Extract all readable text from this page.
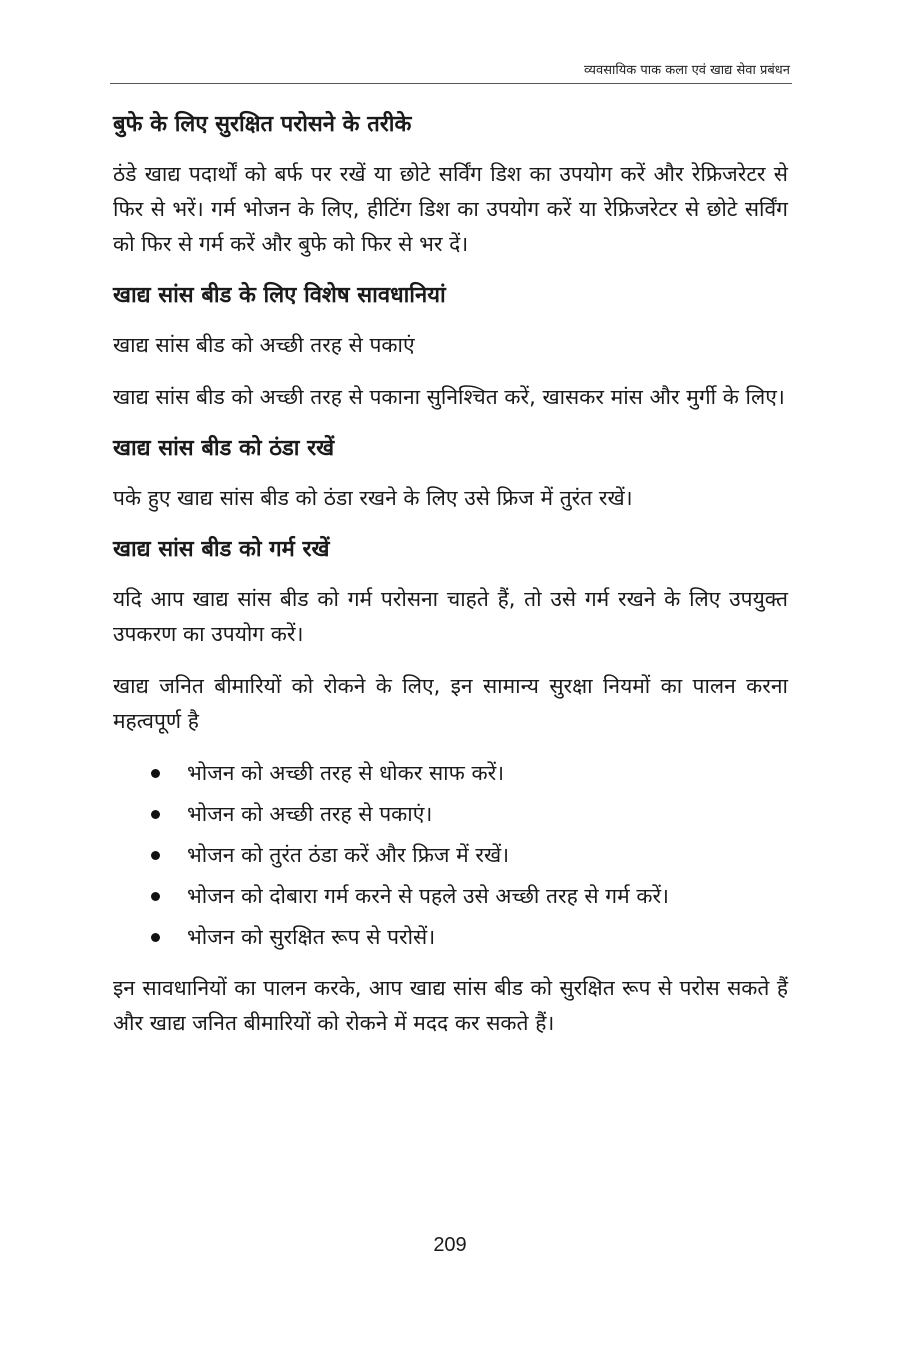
व्यवसायिक पाक कला एवं खाद्य सेवा प्रबंधन
बुफे के लिए सुरक्षित परोसने के तरीके

ठंडे खाद्य पदार्थों को बर्फ पर रखें या छोटे सर्विंग डिश का उपयोग करें और रेफ्रिजरेटर से फिर से भरें। गर्म भोजन के लिए, हीटिंग डिश का उपयोग करें या रेफ्रिजरेटर से छोटे सर्विंग को फिर से गर्म करें और बुफे को फिर से भर दें।

खाद्य सांस बीड के लिए विशेष सावधानियां

खाद्य सांस बीड को अच्छी तरह से पकाएं

खाद्य सांस बीड को अच्छी तरह से पकाना सुनिश्चित करें, खासकर मांस और मुर्गी के लिए।

खाद्य सांस बीड को ठंडा रखें

पके हुए खाद्य सांस बीड को ठंडा रखने के लिए उसे फ्रिज में तुरंत रखें।

खाद्य सांस बीड को गर्म रखें

यदि आप खाद्य सांस बीड को गर्म परोसना चाहते हैं, तो उसे गर्म रखने के लिए उपयुक्त उपकरण का उपयोग करें।

खाद्य जनित बीमारियों को रोकने के लिए, इन सामान्य सुरक्षा नियमों का पालन करना महत्वपूर्ण है

भोजन को अच्छी तरह से धोकर साफ करें।
भोजन को अच्छी तरह से पकाएं।
भोजन को तुरंत ठंडा करें और फ्रिज में रखें।
भोजन को दोबारा गर्म करने से पहले उसे अच्छी तरह से गर्म करें।
भोजन को सुरक्षित रूप से परोसें।

इन सावधानियों का पालन करके, आप खाद्य सांस बीड को सुरक्षित रूप से परोस सकते हैं और खाद्य जनित बीमारियों को रोकने में मदद कर सकते हैं।

209
